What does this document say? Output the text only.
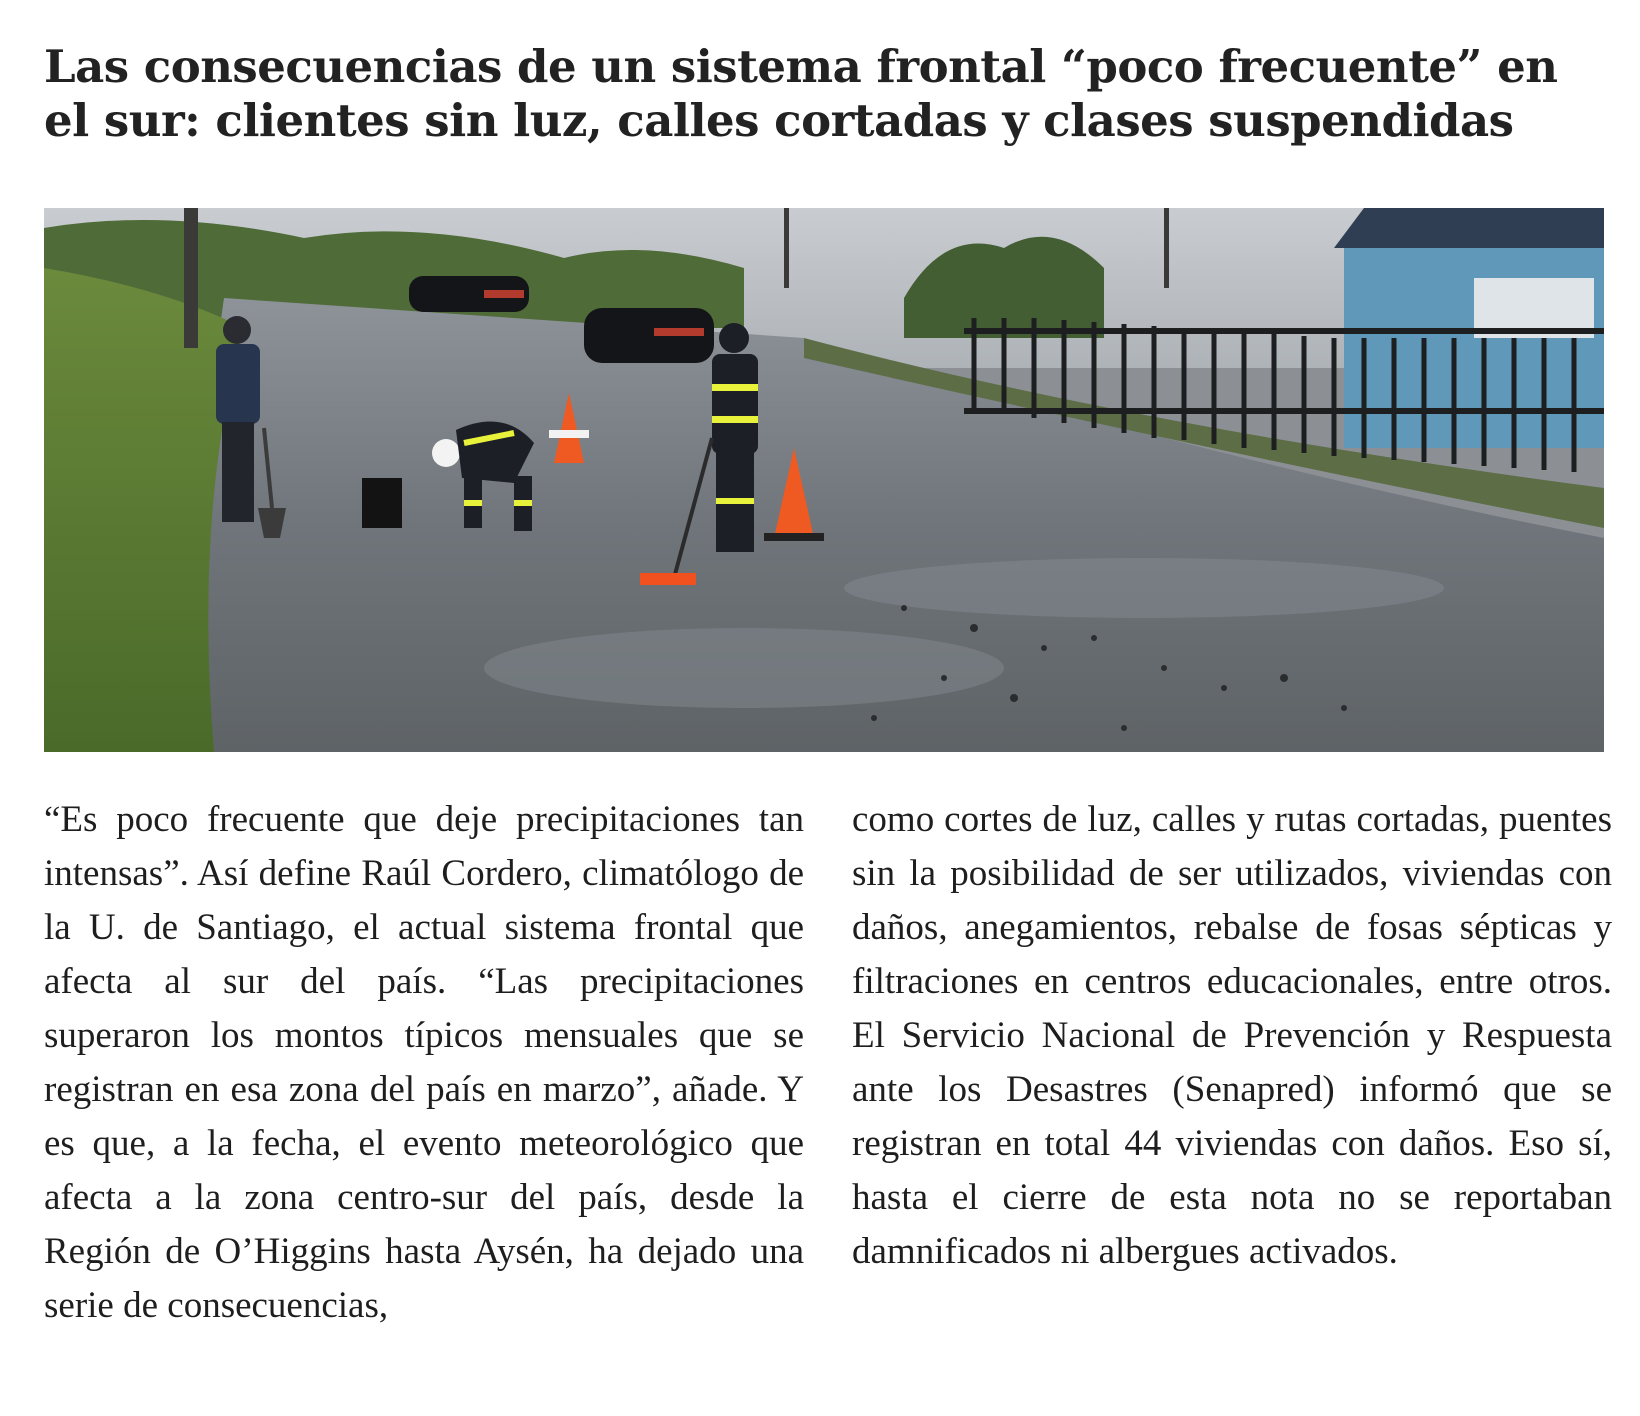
Las consecuencias de un sistema frontal “poco frecuente” en el sur: clientes sin luz, calles cortadas y clases suspendidas

“Es poco frecuente que deje precipitaciones tan intensas”. Así define Raúl Cordero, climatólogo de la U. de Santiago, el actual sistema frontal que afecta al sur del país. “Las precipitaciones superaron los montos típicos mensuales que se registran en esa zona del país en marzo”, añade. Y es que, a la fecha, el evento meteorológico que afecta a la zona centro-sur del país, desde la Región de O’Higgins hasta Aysén, ha dejado una serie de consecuencias,

como cortes de luz, calles y rutas cortadas, puentes sin la posibilidad de ser utilizados, viviendas con daños, anegamientos, rebalse de fosas sépticas y filtraciones en centros educacionales, entre otros. El Servicio Nacional de Prevención y Respuesta ante los Desastres (Senapred) informó que se registran en total 44 viviendas con daños. Eso sí, hasta el cierre de esta nota no se reportaban damnificados ni albergues activados.
